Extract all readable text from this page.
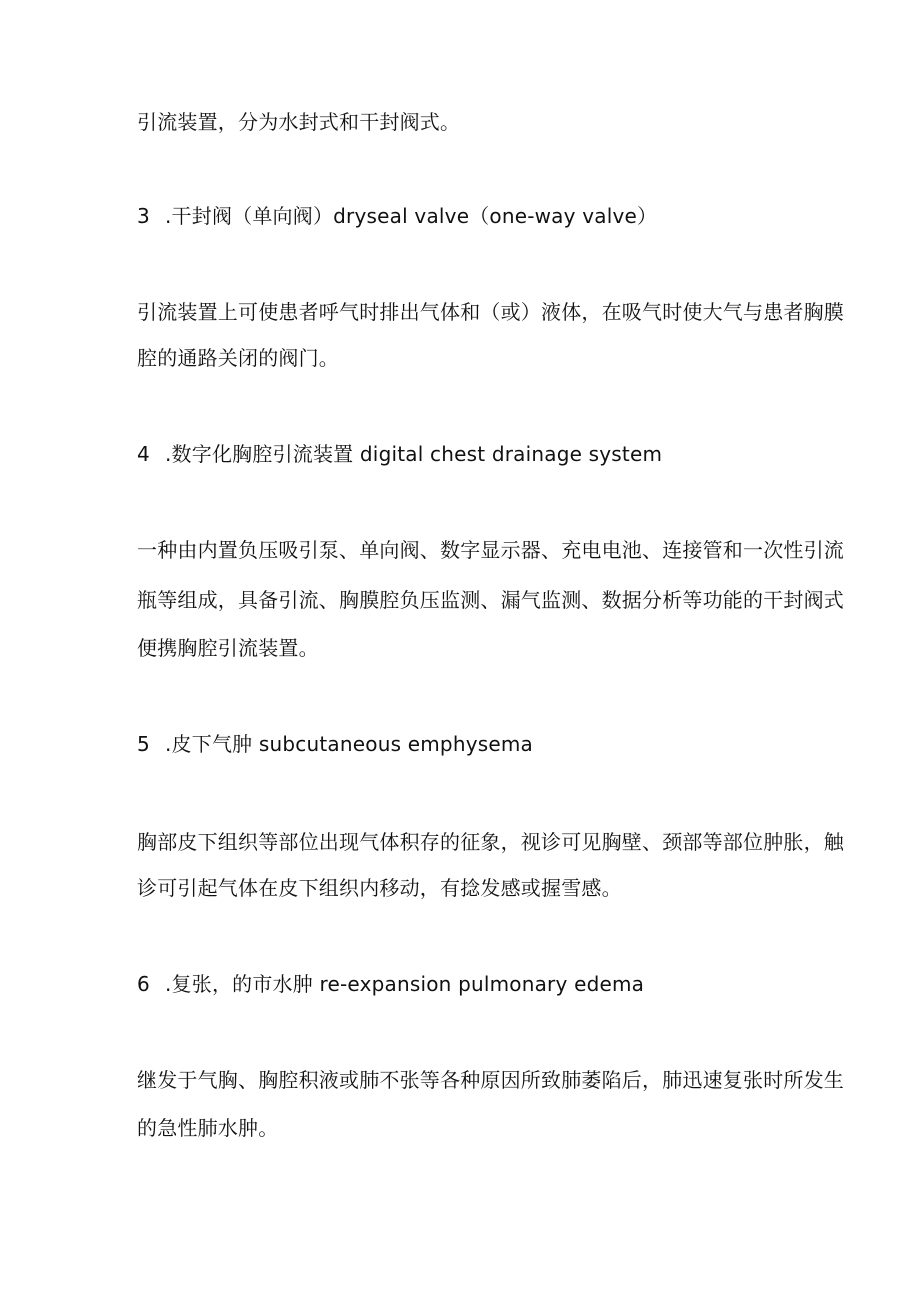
引流装置，分为水封式和干封阀式。
3 .干封阀（单向阀）dryseal valve（one-way valve）
引流装置上可使患者呼气时排出气体和（或）液体，在吸气时使大气与患者胸膜
腔的通路关闭的阀门。
4 .数字化胸腔引流装置 digital chest drainage system
一种由内置负压吸引泵、单向阀、数字显示器、充电电池、连接管和一次性引流
瓶等组成，具备引流、胸膜腔负压监测、漏气监测、数据分析等功能的干封阀式
便携胸腔引流装置。
5 .皮下气肿 subcutaneous emphysema
胸部皮下组织等部位出现气体积存的征象，视诊可见胸壁、颈部等部位肿胀，触
诊可引起气体在皮下组织内移动，有捻发感或握雪感。
6 .复张，的市水肿 re-expansion pulmonary edema
继发于气胸、胸腔积液或肺不张等各种原因所致肺萎陷后，肺迅速复张时所发生
的急性肺水肿。
